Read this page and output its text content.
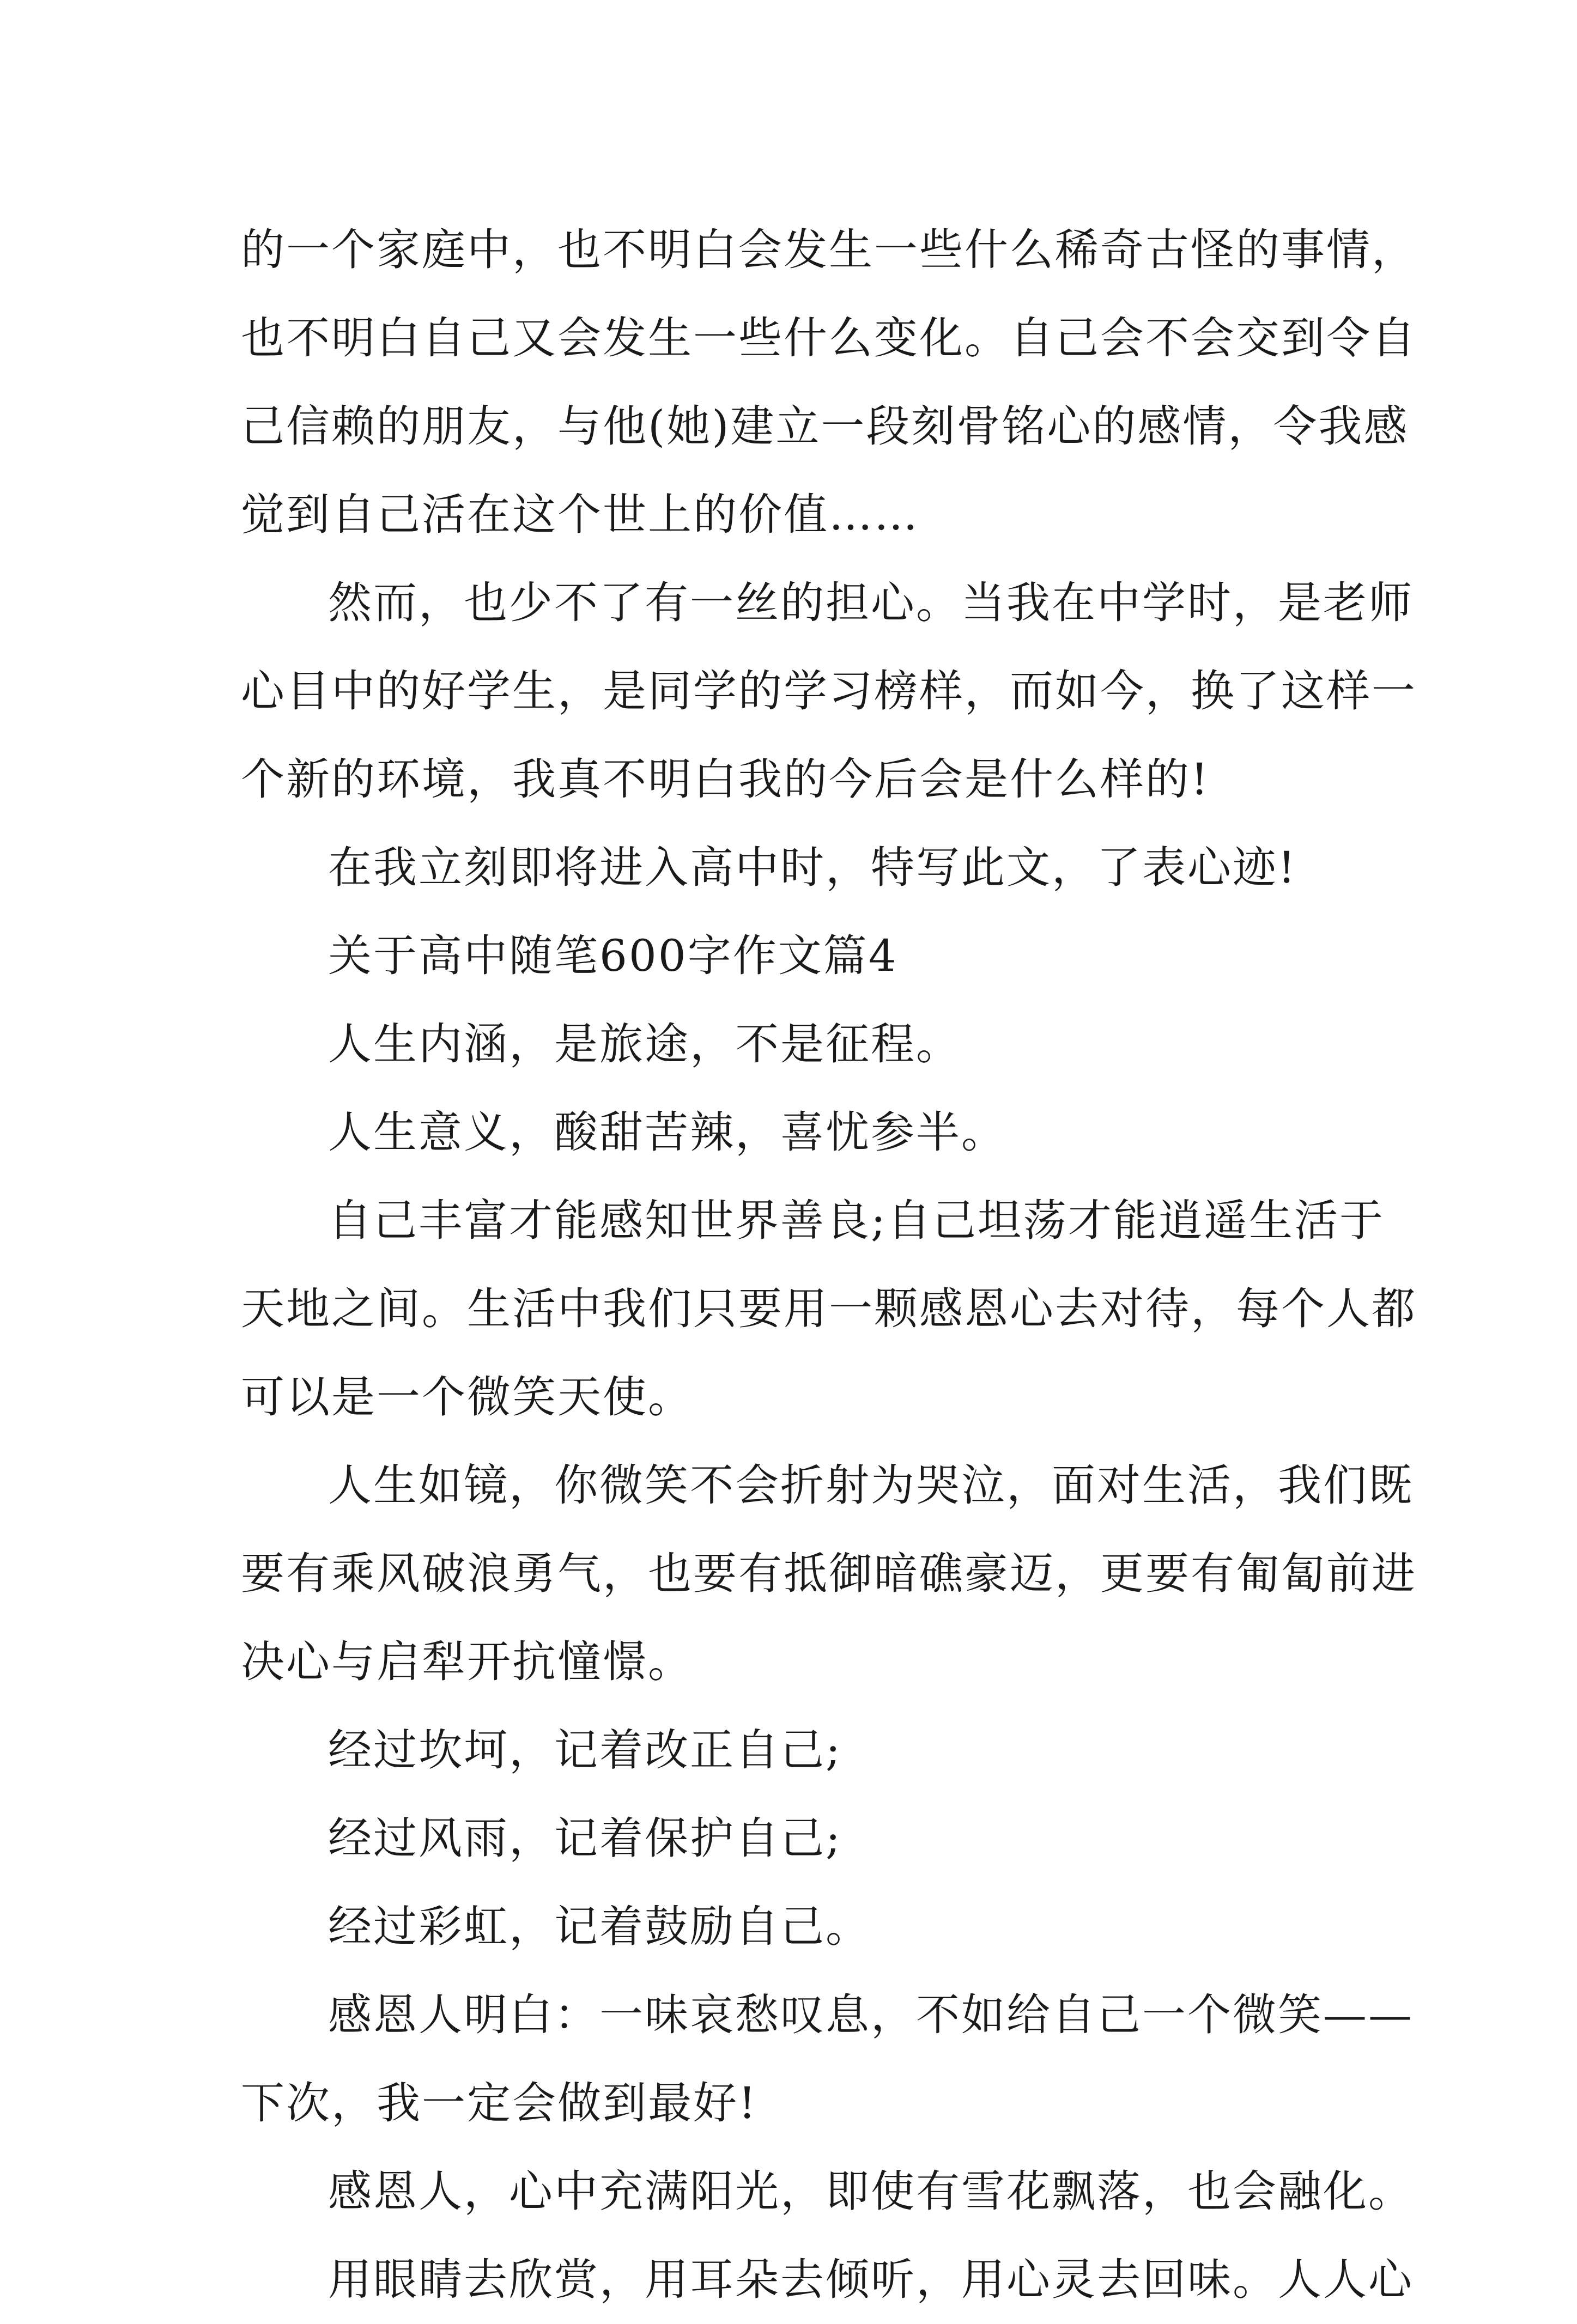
的一个家庭中，也不明白会发生一些什么稀奇古怪的事情，
也不明白自己又会发生一些什么变化。自己会不会交到令自
己信赖的朋友，与他(她)建立一段刻骨铭心的感情，令我感
觉到自己活在这个世上的价值……
然而，也少不了有一丝的担心。当我在中学时，是老师
心目中的好学生，是同学的学习榜样，而如今，换了这样一
个新的环境，我真不明白我的今后会是什么样的!
在我立刻即将进入高中时，特写此文，了表心迹!
关于高中随笔600字作文篇4
人生内涵，是旅途，不是征程。
人生意义，酸甜苦辣，喜忧参半。
自己丰富才能感知世界善良;自己坦荡才能逍遥生活于
天地之间。生活中我们只要用一颗感恩心去对待，每个人都
可以是一个微笑天使。
人生如镜，你微笑不会折射为哭泣，面对生活，我们既
要有乘风破浪勇气，也要有抵御暗礁豪迈，更要有匍匐前进
决心与启犁开抗憧憬。
经过坎坷，记着改正自己;
经过风雨，记着保护自己;
经过彩虹，记着鼓励自己。
感恩人明白：一味哀愁叹息，不如给自己一个微笑——
下次，我一定会做到最好!
感恩人，心中充满阳光，即使有雪花飘落，也会融化。
用眼睛去欣赏，用耳朵去倾听，用心灵去回味。人人心
